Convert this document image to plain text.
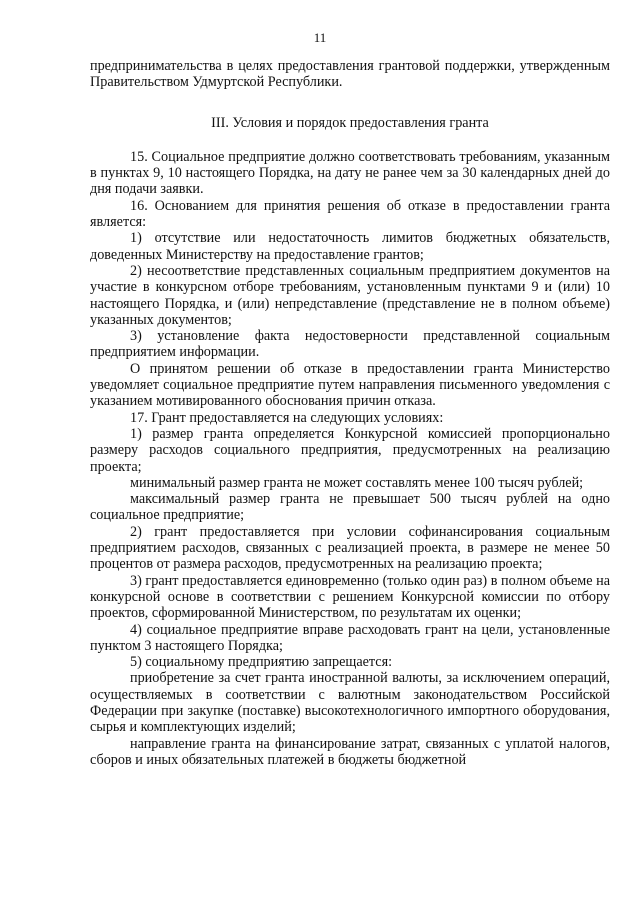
11

предпринимательства в целях предоставления грантовой поддержки, утвержденным Правительством Удмуртской Республики.

III. Условия и порядок предоставления гранта

15. Социальное предприятие должно соответствовать требованиям, указанным в пунктах 9, 10 настоящего Порядка, на дату не ранее чем за 30 календарных дней до дня подачи заявки.

16. Основанием для принятия решения об отказе в предоставлении гранта является:

1) отсутствие или недостаточность лимитов бюджетных обязательств, доведенных Министерству на предоставление грантов;

2) несоответствие представленных социальным предприятием документов на участие в конкурсном отборе требованиям, установленным пунктами 9 и (или) 10 настоящего Порядка, и (или) непредставление (представление не в полном объеме) указанных документов;

3) установление факта недостоверности представленной социальным предприятием информации.

О принятом решении об отказе в предоставлении гранта Министерство уведомляет социальное предприятие путем направления письменного уведомления с указанием мотивированного обоснования причин отказа.

17. Грант предоставляется на следующих условиях:

1) размер гранта определяется Конкурсной комиссией пропорционально размеру расходов социального предприятия, предусмотренных на реализацию проекта;

минимальный размер гранта не может составлять менее 100 тысяч рублей;

максимальный размер гранта не превышает 500 тысяч рублей на одно социальное предприятие;

2) грант предоставляется при условии софинансирования социальным предприятием расходов, связанных с реализацией проекта, в размере не менее 50 процентов от размера расходов, предусмотренных на реализацию проекта;

3) грант предоставляется единовременно (только один раз) в полном объеме на конкурсной основе в соответствии с решением Конкурсной комиссии по отбору проектов, сформированной Министерством, по результатам их оценки;

4) социальное предприятие вправе расходовать грант на цели, установленные пунктом 3 настоящего Порядка;

5) социальному предприятию запрещается:

приобретение за счет гранта иностранной валюты, за исключением операций, осуществляемых в соответствии с валютным законодательством Российской Федерации при закупке (поставке) высокотехнологичного импортного оборудования, сырья и комплектующих изделий;

направление гранта на финансирование затрат, связанных с уплатой налогов, сборов и иных обязательных платежей в бюджеты бюджетной
